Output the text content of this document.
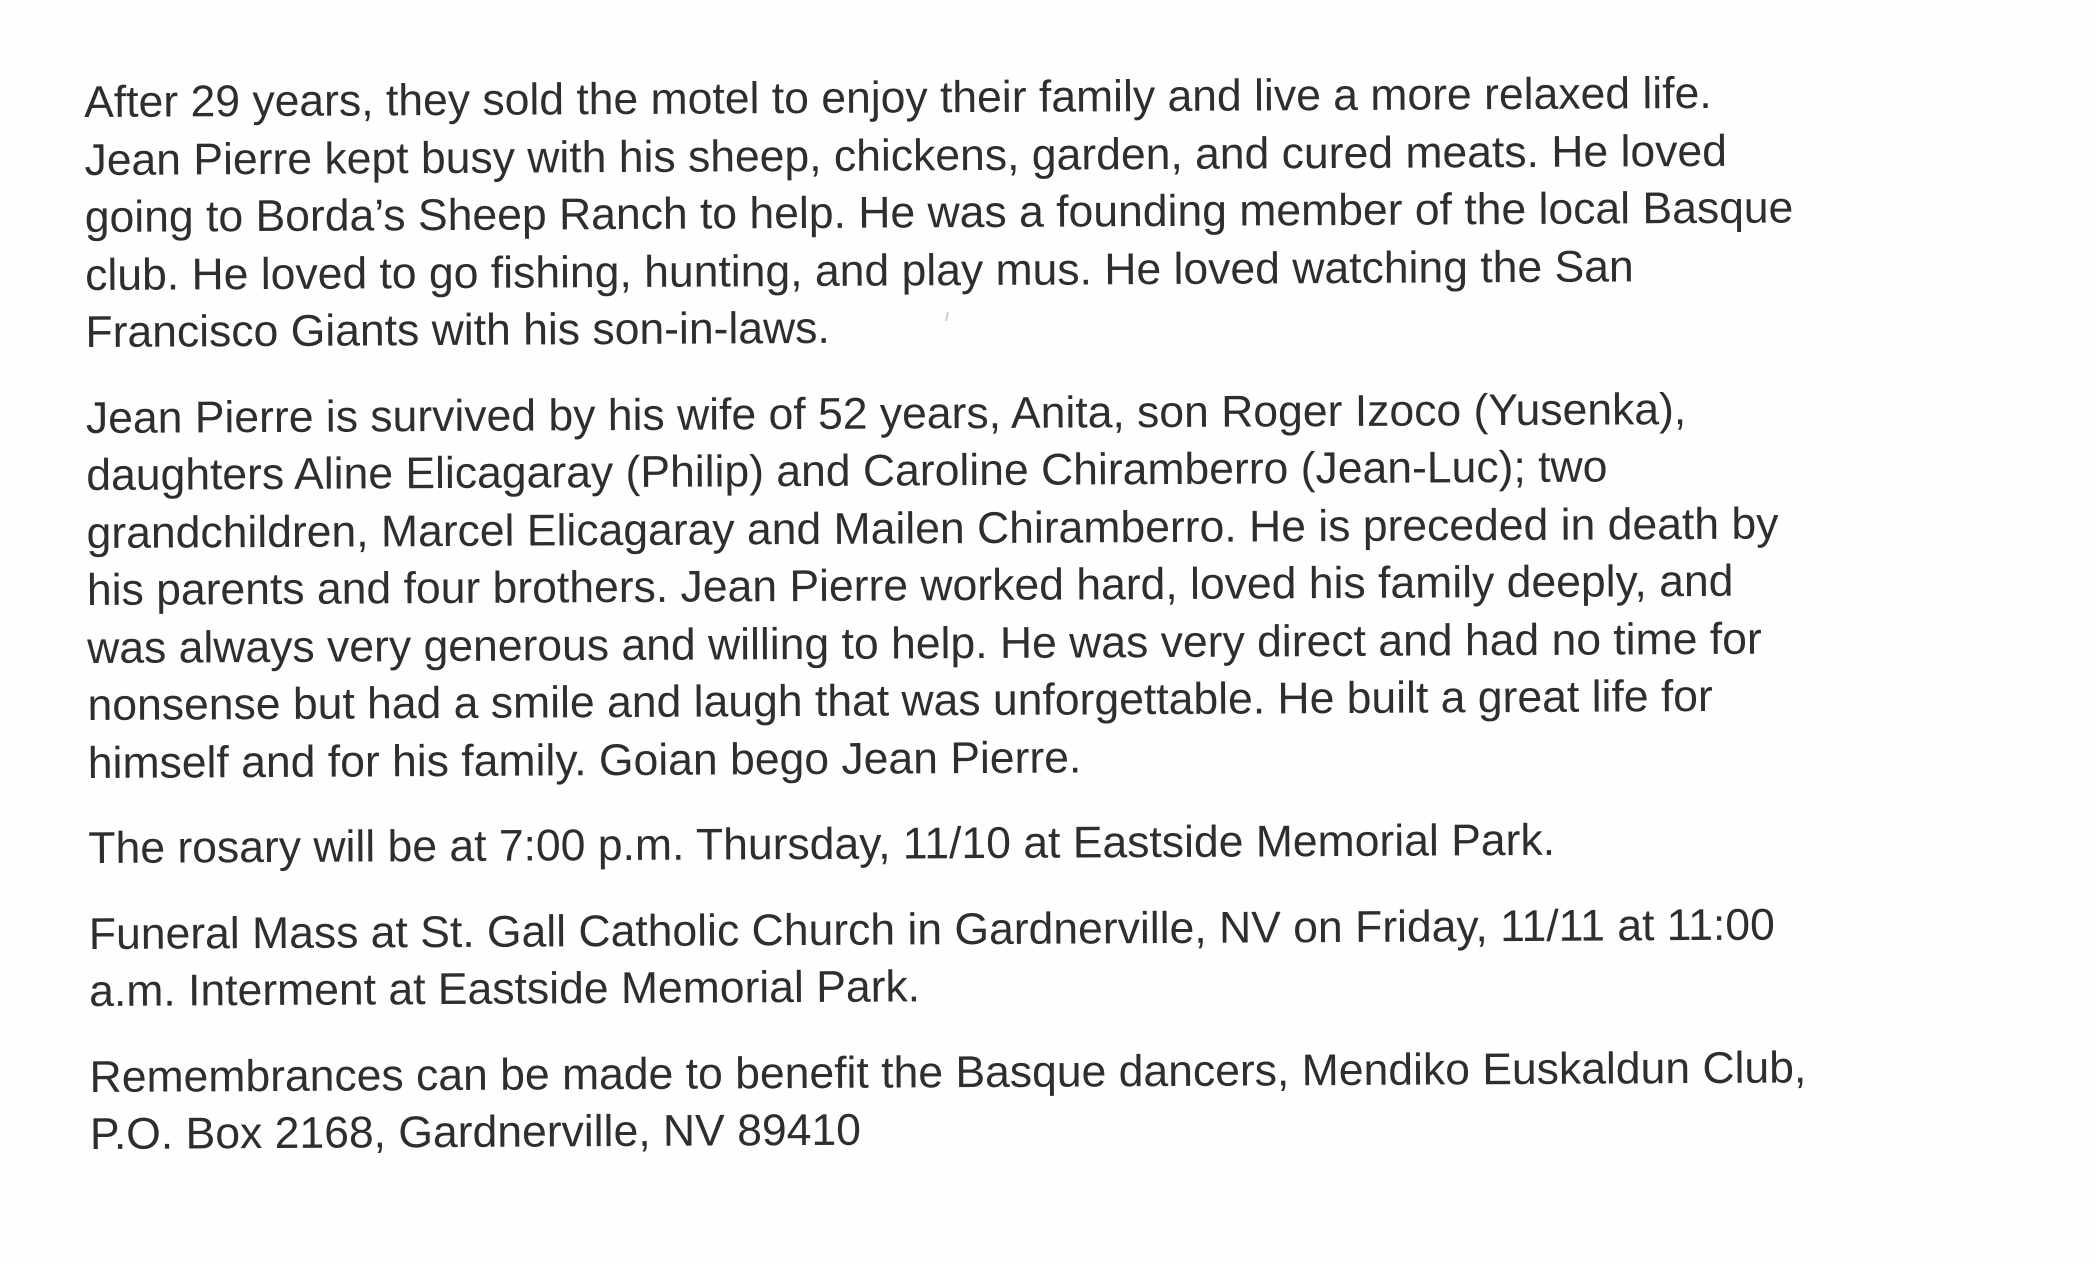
After 29 years, they sold the motel to enjoy their family and live a more relaxed life.
Jean Pierre kept busy with his sheep, chickens, garden, and cured meats. He loved
going to Borda’s Sheep Ranch to help. He was a founding member of the local Basque
club. He loved to go fishing, hunting, and play mus. He loved watching the San
Francisco Giants with his son-in-laws.

Jean Pierre is survived by his wife of 52 years, Anita, son Roger Izoco (Yusenka),
daughters Aline Elicagaray (Philip) and Caroline Chiramberro (Jean-Luc); two
grandchildren, Marcel Elicagaray and Mailen Chiramberro. He is preceded in death by
his parents and four brothers. Jean Pierre worked hard, loved his family deeply, and
was always very generous and willing to help. He was very direct and had no time for
nonsense but had a smile and laugh that was unforgettable. He built a great life for
himself and for his family. Goian bego Jean Pierre.

The rosary will be at 7:00 p.m. Thursday, 11/10 at Eastside Memorial Park.

Funeral Mass at St. Gall Catholic Church in Gardnerville, NV on Friday, 11/11 at 11:00
a.m. Interment at Eastside Memorial Park.

Remembrances can be made to benefit the Basque dancers, Mendiko Euskaldun Club,
P.O. Box 2168, Gardnerville, NV 89410
